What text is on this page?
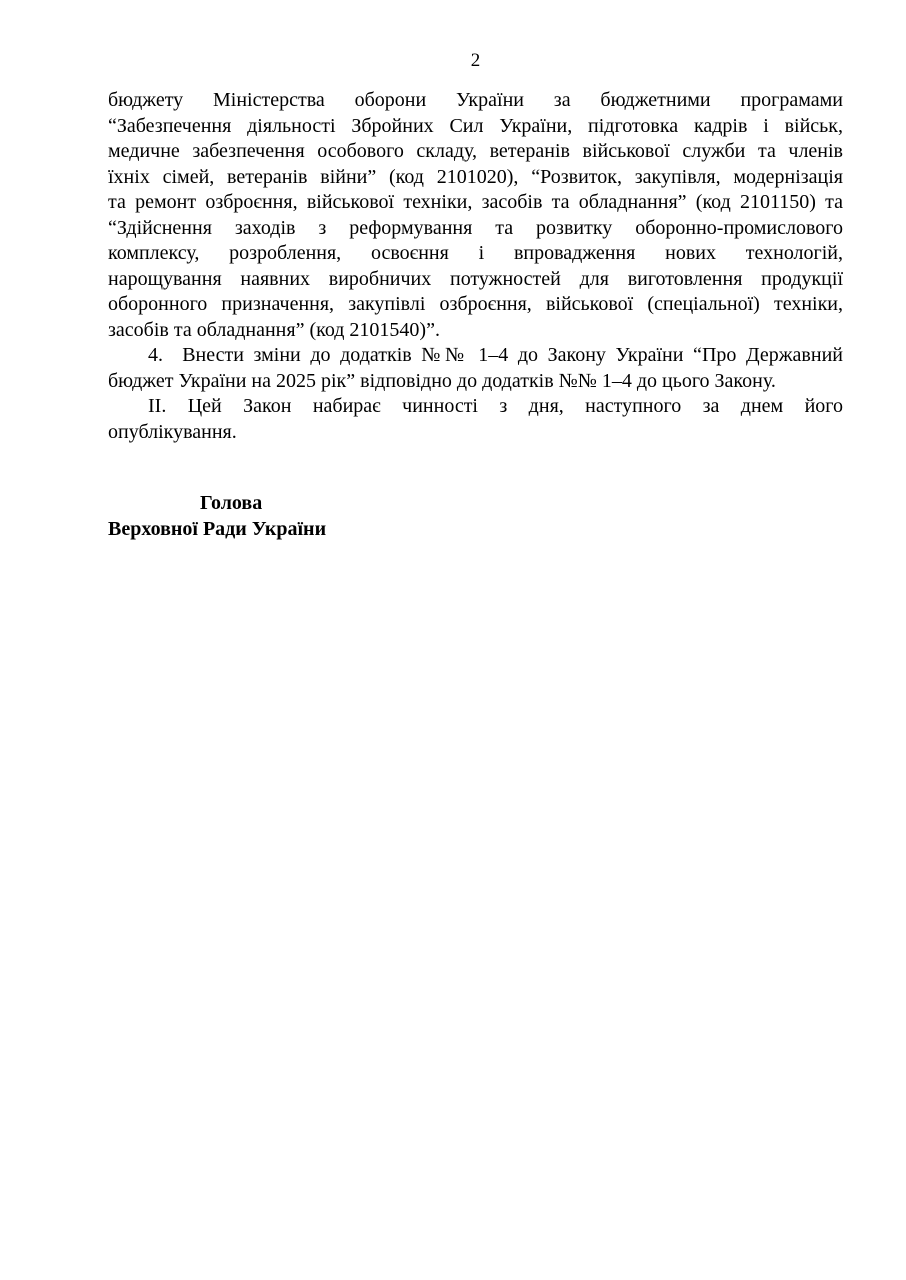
2
бюджету Міністерства оборони України за бюджетними програмами
“Забезпечення діяльності Збройних Сил України, підготовка кадрів і військ,
медичне забезпечення особового складу, ветеранів військової служби та членів
їхніх сімей, ветеранів війни” (код 2101020), “Розвиток, закупівля, модернізація
та ремонт озброєння, військової техніки, засобів та обладнання” (код 2101150) та
“Здійснення заходів з реформування та розвитку оборонно-промислового
комплексу, розроблення, освоєння і впровадження нових технологій,
нарощування наявних виробничих потужностей для виготовлення продукції
оборонного призначення, закупівлі озброєння, військової (спеціальної) техніки,
засобів та обладнання” (код 2101540)”.
4.  Внести зміни до додатків №№ 1–4 до Закону України “Про Державний
бюджет України на 2025 рік” відповідно до додатків №№ 1–4 до цього Закону.
ІІ. Цей Закон набирає чинності з дня, наступного за днем його
опублікування.
Голова
Верховної Ради України
